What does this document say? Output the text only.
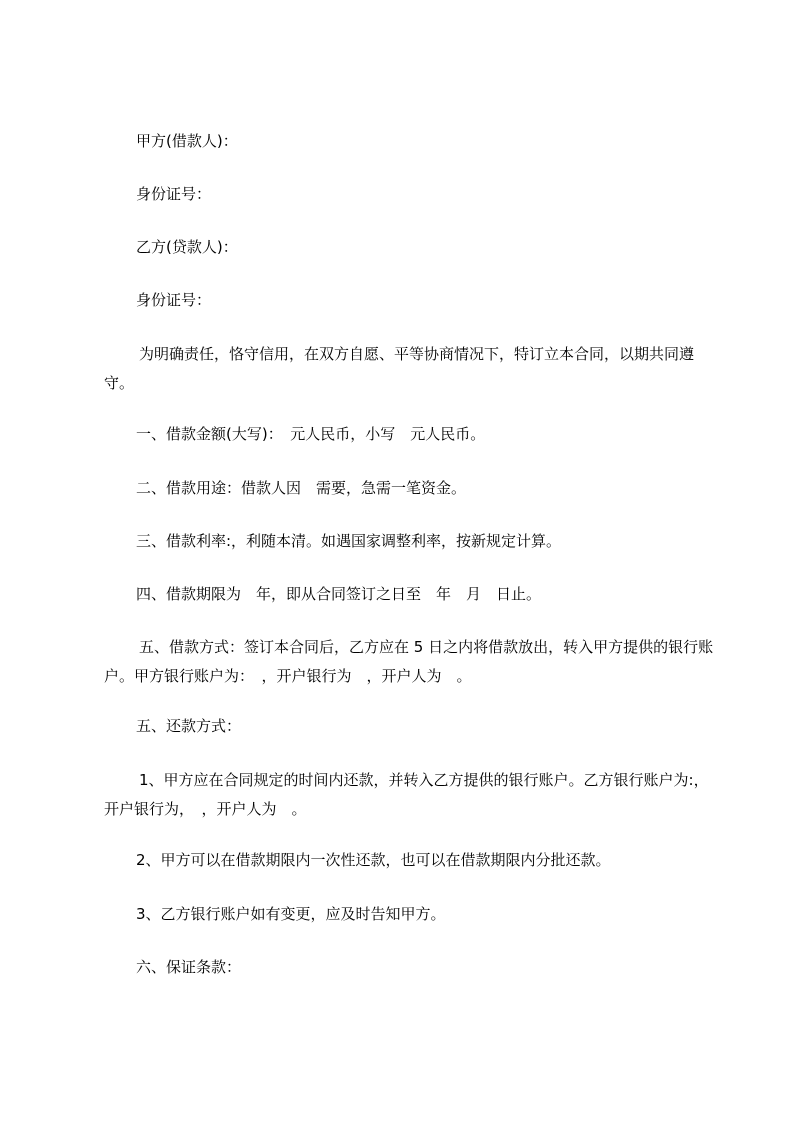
甲方(借款人)：

身份证号：

乙方(贷款人)：

身份证号：

为明确责任，恪守信用，在双方自愿、平等协商情况下，特订立本合同，以期共同遵守。

一、借款金额(大写)：　元人民币，小写　元人民币。

二、借款用途：借款人因　需要，急需一笔资金。

三、借款利率:，利随本清。如遇国家调整利率，按新规定计算。

四、借款期限为　年，即从合同签订之日至　年　月　日止。

五、借款方式：签订本合同后，乙方应在 5 日之内将借款放出，转入甲方提供的银行账户。甲方银行账户为：　，开户银行为　，开户人为　。

五、还款方式：

1、甲方应在合同规定的时间内还款，并转入乙方提供的银行账户。乙方银行账户为:，开户银行为，　，开户人为　。

2、甲方可以在借款期限内一次性还款，也可以在借款期限内分批还款。

3、乙方银行账户如有变更，应及时告知甲方。

六、保证条款：
